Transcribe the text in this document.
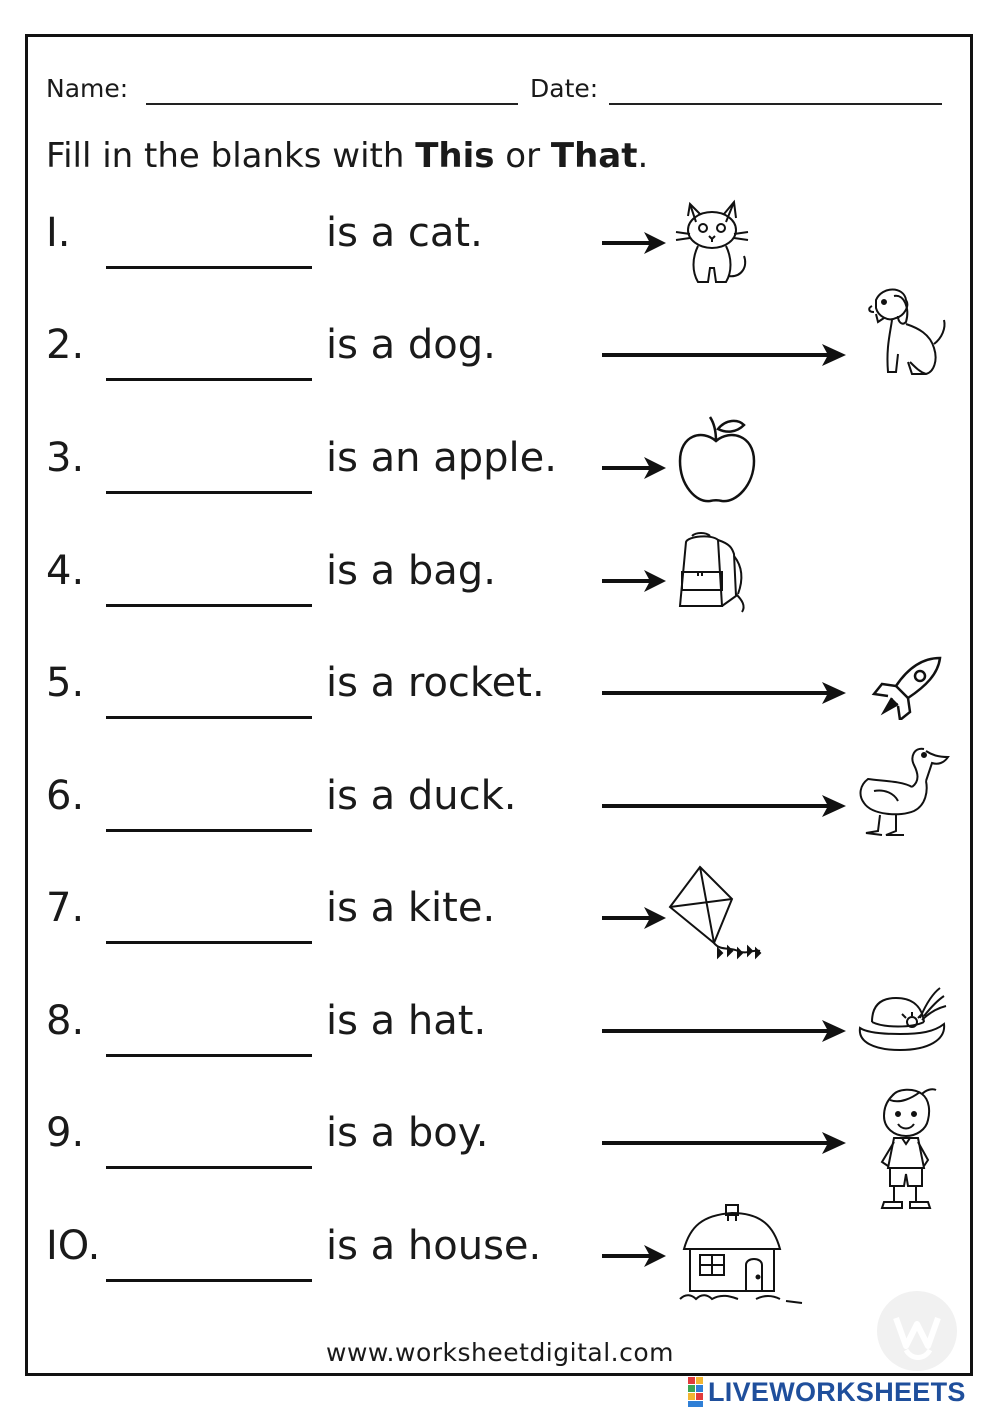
Name:	Date:
Fill in the blanks with This or That.
I.	is a cat.
2.	is a dog.
3.	is an apple.
4.	is a bag.
5.	is a rocket.
6.	is a duck.
7.	is a kite.
8.	is a hat.
9.	is a boy.
IO.	is a house.
www.worksheetdigital.com
LIVEWORKSHEETS
